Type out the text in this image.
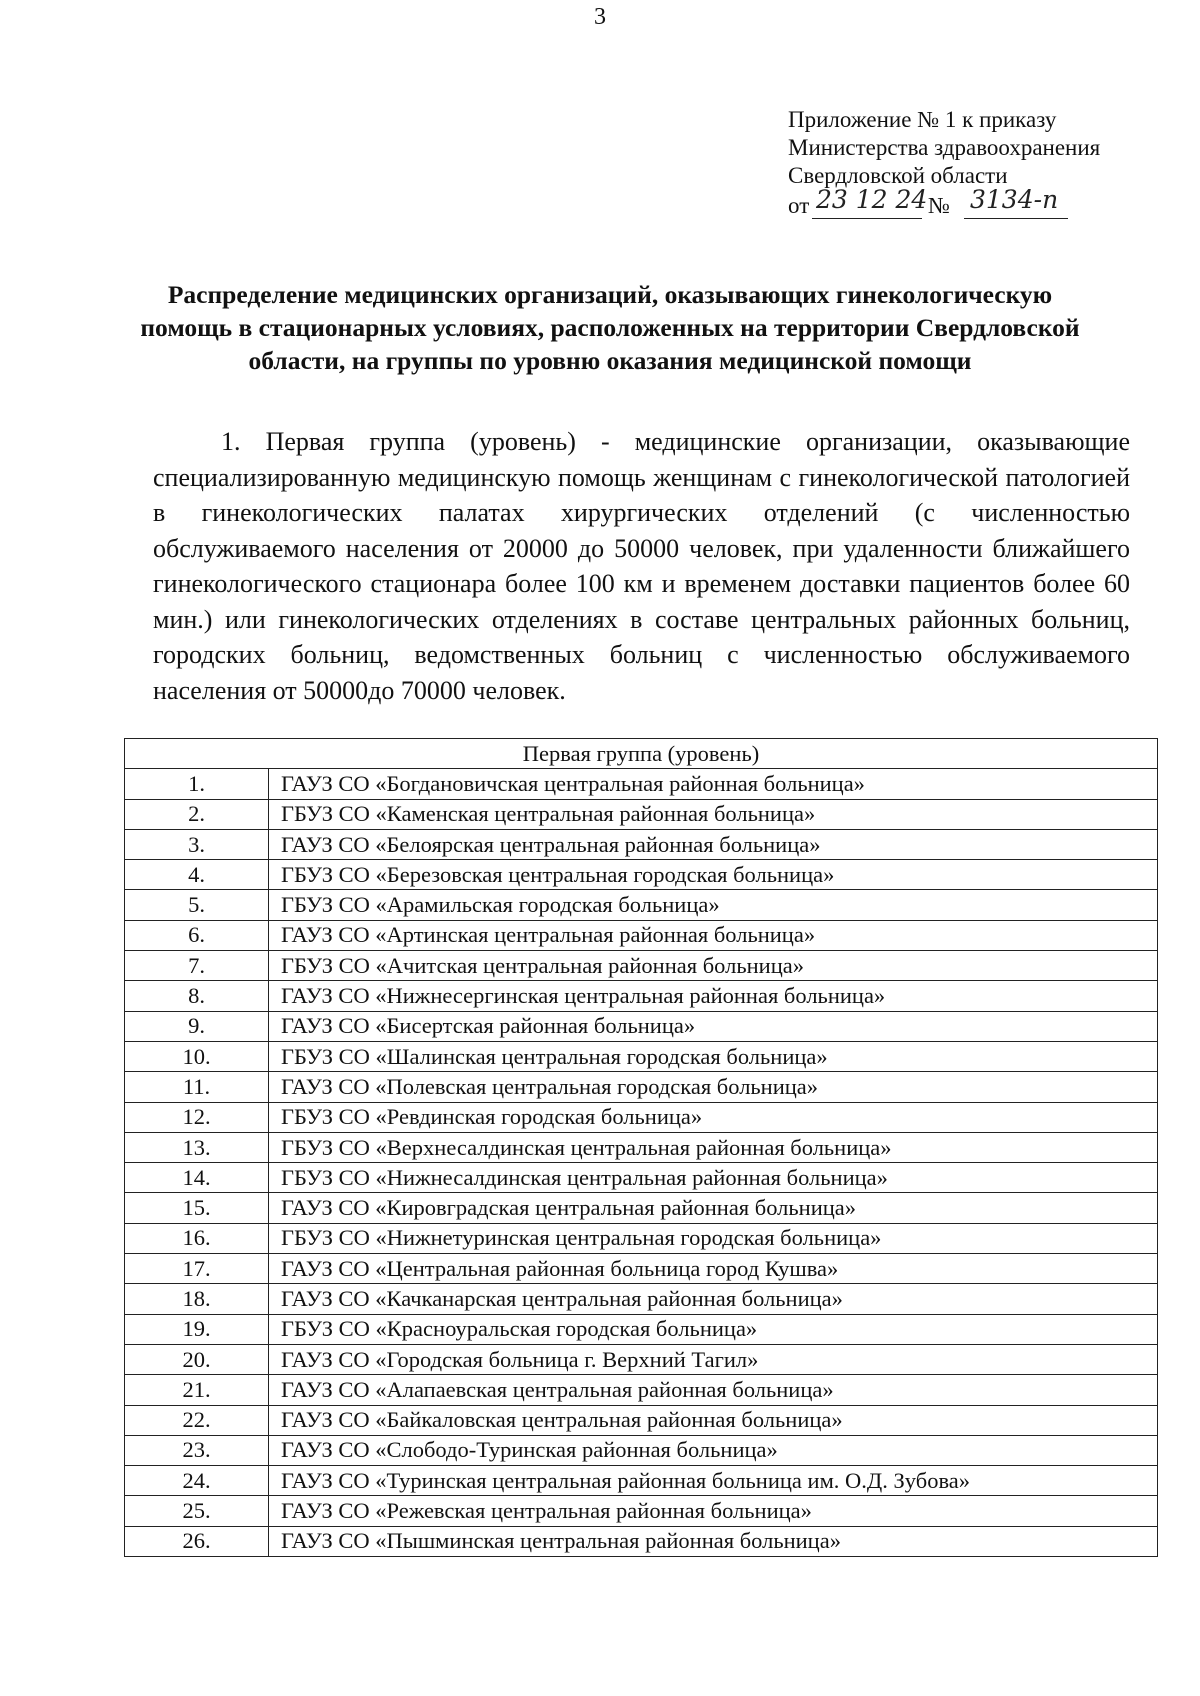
3
Приложение № 1 к приказу
Министерства здравоохранения
Свердловской области
от 23 12 24 № 3134-п
Распределение медицинских организаций, оказывающих гинекологическую помощь в стационарных условиях, расположенных на территории Свердловской области, на группы по уровню оказания медицинской помощи
1. Первая группа (уровень) - медицинские организации, оказывающие специализированную медицинскую помощь женщинам с гинекологической патологией в гинекологических палатах хирургических отделений (с численностью обслуживаемого населения от 20000 до 50000 человек, при удаленности ближайшего гинекологического стационара более 100 км и временем доставки пациентов более 60 мин.) или гинекологических отделениях в составе центральных районных больниц, городских больниц, ведомственных больниц с численностью обслуживаемого населения от 50000до 70000 человек.
Первая группа (уровень)	
1.	ГАУЗ СО «Богдановичская центральная районная больница»
2.	ГБУЗ СО «Каменская центральная районная больница»
3.	ГАУЗ СО «Белоярская центральная районная больница»
4.	ГБУЗ СО «Березовская центральная городская больница»
5.	ГБУЗ СО «Арамильская городская больница»
6.	ГАУЗ СО «Артинская центральная районная больница»
7.	ГБУЗ СО «Ачитская центральная районная больница»
8.	ГАУЗ СО «Нижнесергинская центральная районная больница»
9.	ГАУЗ СО «Бисертская районная больница»
10.	ГБУЗ СО «Шалинская центральная городская больница»
11.	ГАУЗ СО «Полевская центральная городская больница»
12.	ГБУЗ СО «Ревдинская городская больница»
13.	ГБУЗ СО «Верхнесалдинская центральная районная больница»
14.	ГБУЗ СО «Нижнесалдинская центральная районная больница»
15.	ГАУЗ СО «Кировградская центральная районная больница»
16.	ГБУЗ СО «Нижнетуринская центральная городская больница»
17.	ГАУЗ СО «Центральная районная больница город Кушва»
18.	ГАУЗ СО «Качканарская центральная районная больница»
19.	ГБУЗ СО «Красноуральская городская больница»
20.	ГАУЗ СО «Городская больница г. Верхний Тагил»
21.	ГАУЗ СО «Алапаевская центральная районная больница»
22.	ГАУЗ СО «Байкаловская центральная районная больница»
23.	ГАУЗ СО «Слободо-Туринская районная больница»
24.	ГАУЗ СО «Туринская центральная районная больница им. О.Д. Зубова»
25.	ГАУЗ СО «Режевская центральная районная больница»
26.	ГАУЗ СО «Пышминская центральная районная больница»
